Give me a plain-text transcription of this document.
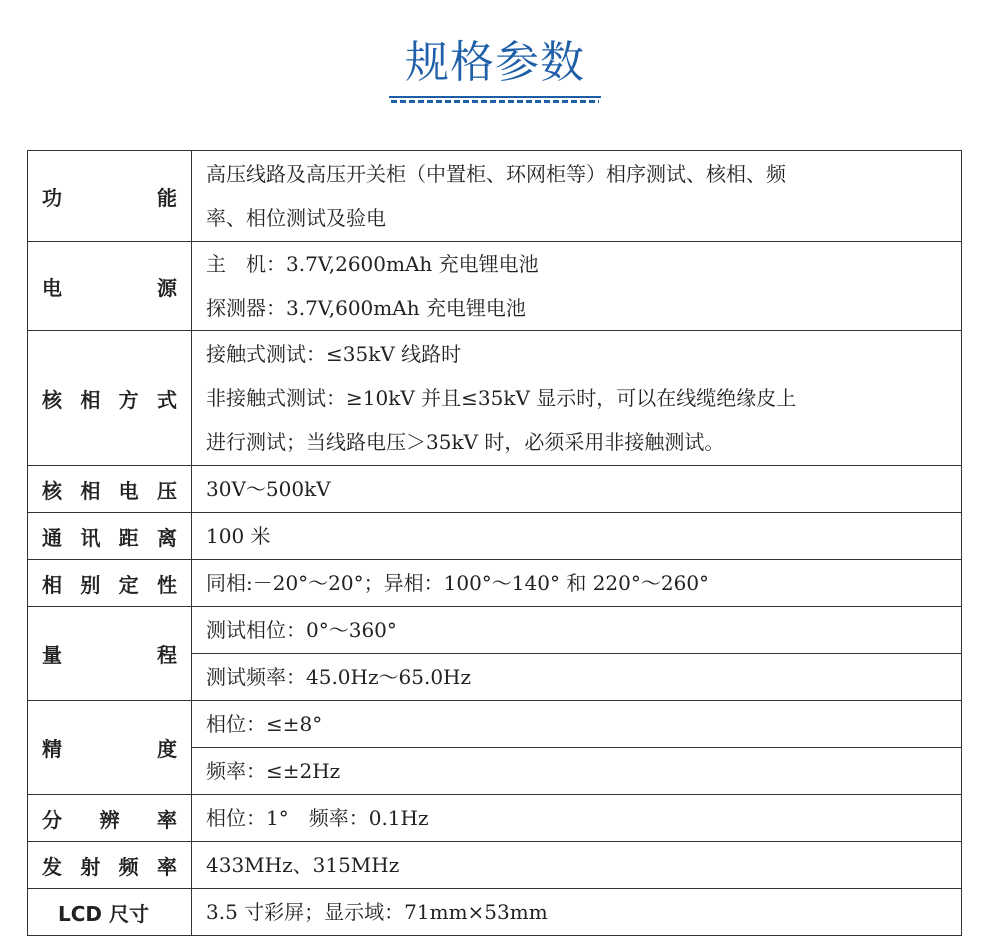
规格参数
功　　能	高压线路及高压开关柜（中置柜、环网柜等）相序测试、核相、频
率、相位测试及验电

电　　源	主　机：3.7V,2600mAh 充电锂电池
探测器：3.7V,600mAh 充电锂电池

核相方式	接触式测试：≤35kV 线路时
非接触式测试：≥10kV 并且≤35kV 显示时，可以在线缆绝缘皮上
进行测试；当线路电压＞35kV 时，必须采用非接触测试。

核相电压	30V～500kV

通讯距离	100 米

相别定性	同相:－20°～20°；异相：100°～140° 和 220°～260°

量　　程	测试相位：0°～360°

	测试频率：45.0Hz～65.0Hz

精　　度	相位：≤±8°

	频率：≤±2Hz

分 辨 率	相位：1°　频率：0.1Hz

发射频率	433MHz、315MHz

LCD 尺寸	3.5 寸彩屏；显示域：71mm×53mm
